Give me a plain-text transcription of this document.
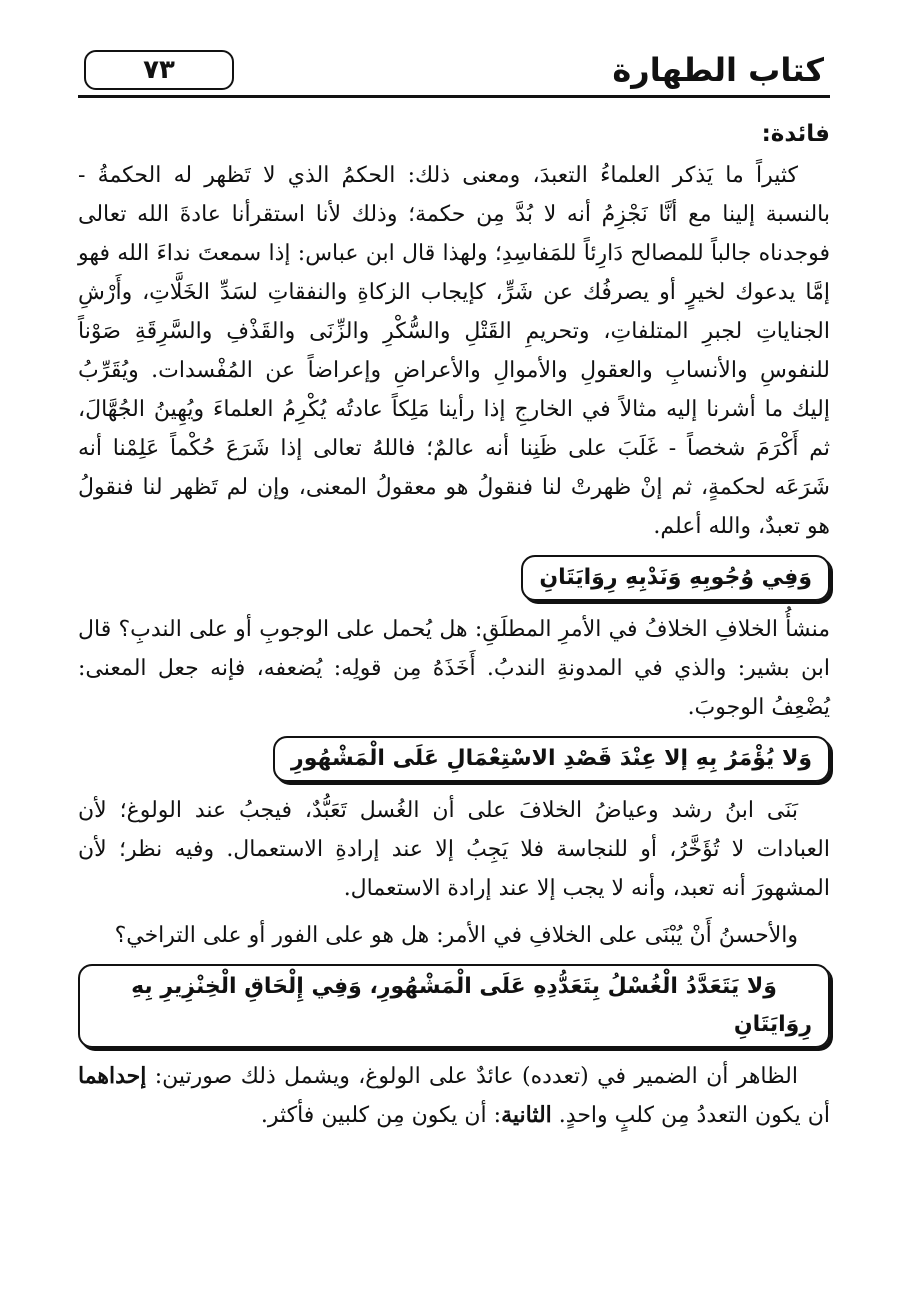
٧٣	كتاب الطهارة

فائدة:

كثيراً ما يَذكر العلماءُ التعبدَ، ومعنى ذلك: الحكمُ الذي لا تَظهر له الحكمةُ - بالنسبة إلينا مع أنَّا نَجْزِمُ أنه لا بُدَّ مِن حكمة؛ وذلك لأنا استقرأنا عادةَ الله تعالى فوجدناه جالباً للمصالح دَارِئاً للمَفاسِدِ؛ ولهذا قال ابن عباس: إذا سمعتَ نداءَ الله فهو إمَّا يدعوك لخيرٍ أو يصرفُك عن شَرٍّ، كإيجاب الزكاةِ والنفقاتِ لسَدِّ الخَلَّاتِ، وأَرْشِ الجناياتِ لجبرِ المتلفاتِ، وتحريمِ القَتْلِ والسُّكْرِ والزِّنَى والقَذْفِ والسَّرِقَةِ صَوْناً للنفوسِ والأنسابِ والعقولِ والأموالِ والأعراضِ وإعراضاً عن المُفْسدات. ويُقَرِّبُ إليك ما أشرنا إليه مثالاً في الخارجِ إذا رأينا مَلِكاً عادتُه يُكْرِمُ العلماءَ ويُهِينُ الجُهَّالَ، ثم أَكْرَمَ شخصاً - غَلَبَ على ظَنِنا أنه عالمٌ؛ فاللهُ تعالى إذا شَرَعَ حُكْماً عَلِمْنا أنه شَرَعَه لحكمةٍ، ثم إنْ ظهرتْ لنا فنقولُ هو معقولُ المعنى، وإن لم تَظهر لنا فنقولُ هو تعبدٌ، والله أعلم.

وَفِي وُجُوبِهِ وَنَدْبِهِ رِوَايَتَانِ

منشأُ الخلافِ الخلافُ في الأمرِ المطلَقِ: هل يُحمل على الوجوبِ أو على الندبِ؟ قال ابن بشير: والذي في المدونةِ الندبُ. أَخَذَهُ مِن قولِه: يُضعفه، فإنه جعل المعنى: يُضْعِفُ الوجوبَ.

وَلا يُؤْمَرُ بِهِ إلا عِنْدَ قَصْدِ الاسْتِعْمَالِ عَلَى الْمَشْهُورِ

بَنَى ابنُ رشد وعياضُ الخلافَ على أن الغُسل تَعَبُّدٌ، فيجبُ عند الولوغ؛ لأن العبادات لا تُؤَخَّرُ، أو للنجاسة فلا يَجِبُ إلا عند إرادةِ الاستعمال. وفيه نظر؛ لأن المشهورَ أنه تعبد، وأنه لا يجب إلا عند إرادة الاستعمال.

والأحسنُ أَنْ يُبْنَى على الخلافِ في الأمر: هل هو على الفور أو على التراخي؟

وَلا يَتَعَدَّدُ الْغُسْلُ بِتَعَدُّدِهِ عَلَى الْمَشْهُورِ، وَفِي إِلْحَاقِ الْخِنْزِيرِ بِهِ رِوَايَتَانِ

الظاهر أن الضمير في (تعدده) عائدٌ على الولوغ، ويشمل ذلك صورتين: إحداهما أن يكون التعددُ مِن كلبٍ واحدٍ. الثانية: أن يكون مِن كلبين فأكثر.
